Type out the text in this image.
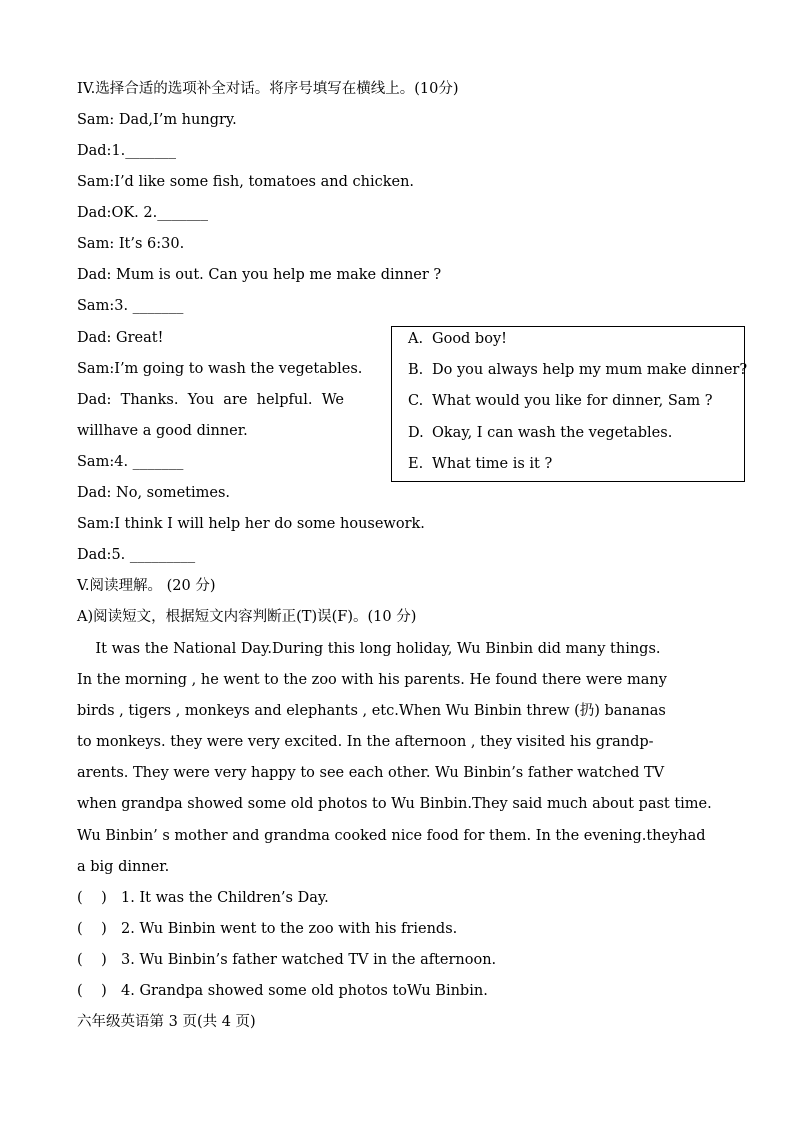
IV.选择合适的选项补全对话。将序号填写在横线上。(10分)
Sam: Dad,I’m hungry.
Dad:1._______
Sam:I’d like some fish, tomatoes and chicken.
Dad:OK. 2._______
Sam: It’s 6:30.
Dad: Mum is out. Can you help me make dinner ?
Sam:3. _______
Dad: Great!
Sam:I’m going to wash the vegetables.
Dad:  Thanks.  You  are  helpful.  We
willhave a good dinner.
Sam:4. _______
Dad: No, sometimes.
Sam:I think I will help her do some housework.
Dad:5. _________
A. Good boy!
B. Do you always help my mum make dinner?
C. What would you like for dinner, Sam ?
D. Okay, I can wash the vegetables.
E. What time is it ?
V.阅读理解。 (20 分)
A)阅读短文，根据短文内容判断正(T)误(F)。(10 分)
It was the National Day.During this long holiday, Wu Binbin did many things.
In the morning , he went to the zoo with his parents. He found there were many
birds , tigers , monkeys and elephants , etc.When Wu Binbin threw (扔) bananas
to monkeys. they were very excited. In the afternoon , they visited his grandp-
arents. They were very happy to see each other. Wu Binbin’s father watched TV
when grandpa showed some old photos to Wu Binbin.They said much about past time.
Wu Binbin’ s mother and grandma cooked nice food for them. In the evening.theyhad
a big dinner.
(    ) 1. It was the Children’s Day.
(    ) 2. Wu Binbin went to the zoo with his friends.
(    ) 3. Wu Binbin’s father watched TV in the afternoon.
(    ) 4. Grandpa showed some old photos toWu Binbin.
六年级英语第 3 页(共 4 页)
